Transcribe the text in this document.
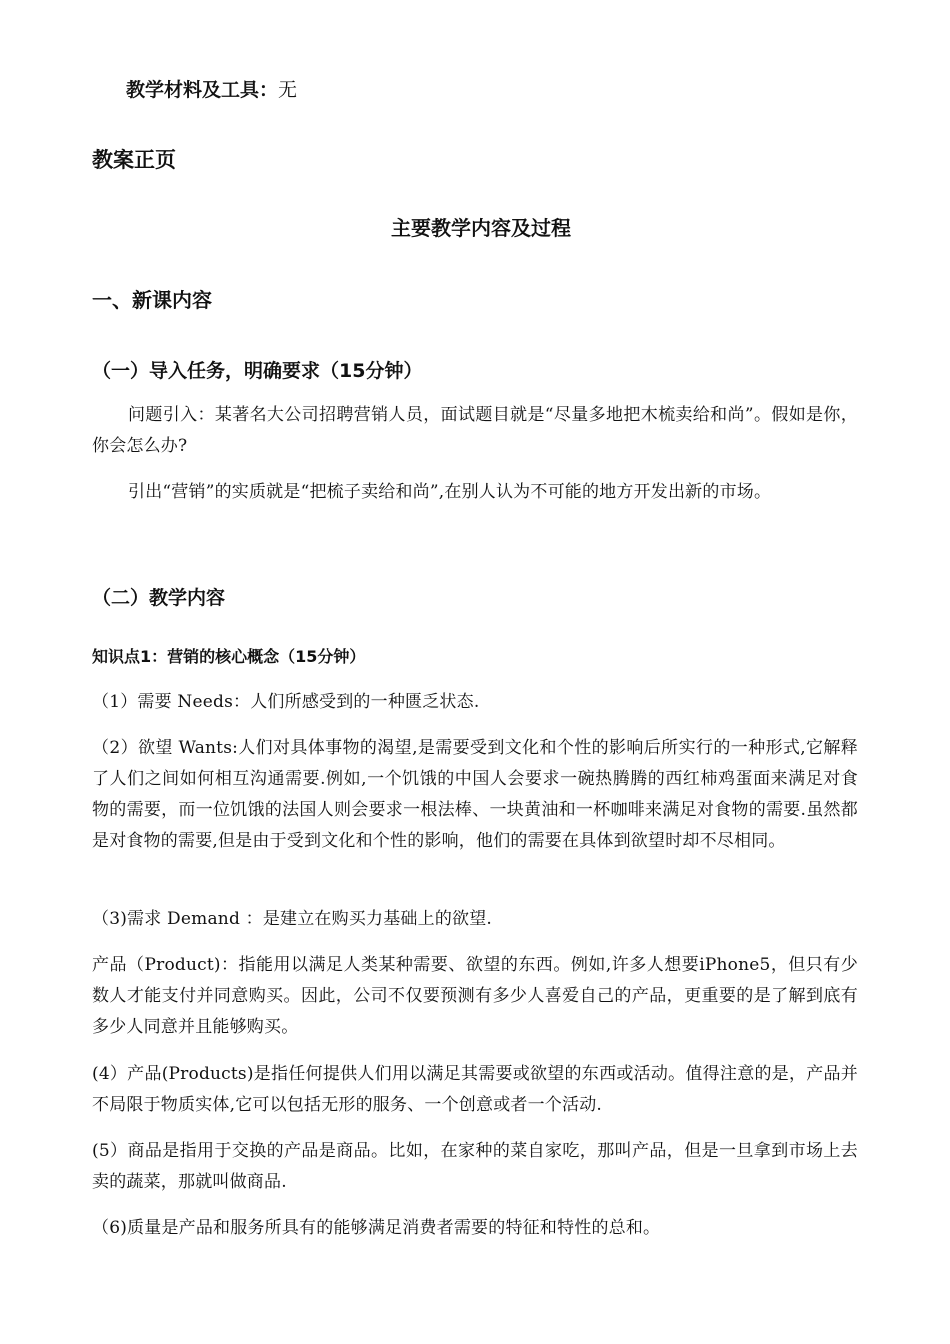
教学材料及工具：无
教案正页
主要教学内容及过程
一、新课内容
（一）导入任务，明确要求（15分钟）

问题引入：某著名大公司招聘营销人员，面试题目就是“尽量多地把木梳卖给和尚”。假如是你，你会怎么办?

引出“营销”的实质就是“把梳子卖给和尚”,在别人认为不可能的地方开发出新的市场。

（二）教学内容
知识点1：营销的核心概念（15分钟）

（1）需要 Needs：人们所感受到的一种匮乏状态.

（2）欲望 Wants:人们对具体事物的渴望,是需要受到文化和个性的影响后所实行的一种形式,它解释了人们之间如何相互沟通需要.例如,一个饥饿的中国人会要求一碗热腾腾的西红柿鸡蛋面来满足对食物的需要，而一位饥饿的法国人则会要求一根法棒、一块黄油和一杯咖啡来满足对食物的需要.虽然都是对食物的需要,但是由于受到文化和个性的影响，他们的需要在具体到欲望时却不尽相同。

（3)需求 Demand ：是建立在购买力基础上的欲望.

产品（Product)：指能用以满足人类某种需要、欲望的东西。例如,许多人想要iPhone5，但只有少数人才能支付并同意购买。因此，公司不仅要预测有多少人喜爱自己的产品，更重要的是了解到底有多少人同意并且能够购买。

(4）产品(Products)是指任何提供人们用以满足其需要或欲望的东西或活动。值得注意的是，产品并不局限于物质实体,它可以包括无形的服务、一个创意或者一个活动.

(5）商品是指用于交换的产品是商品。比如，在家种的菜自家吃，那叫产品，但是一旦拿到市场上去卖的蔬菜，那就叫做商品.

（6)质量是产品和服务所具有的能够满足消费者需要的特征和特性的总和。
